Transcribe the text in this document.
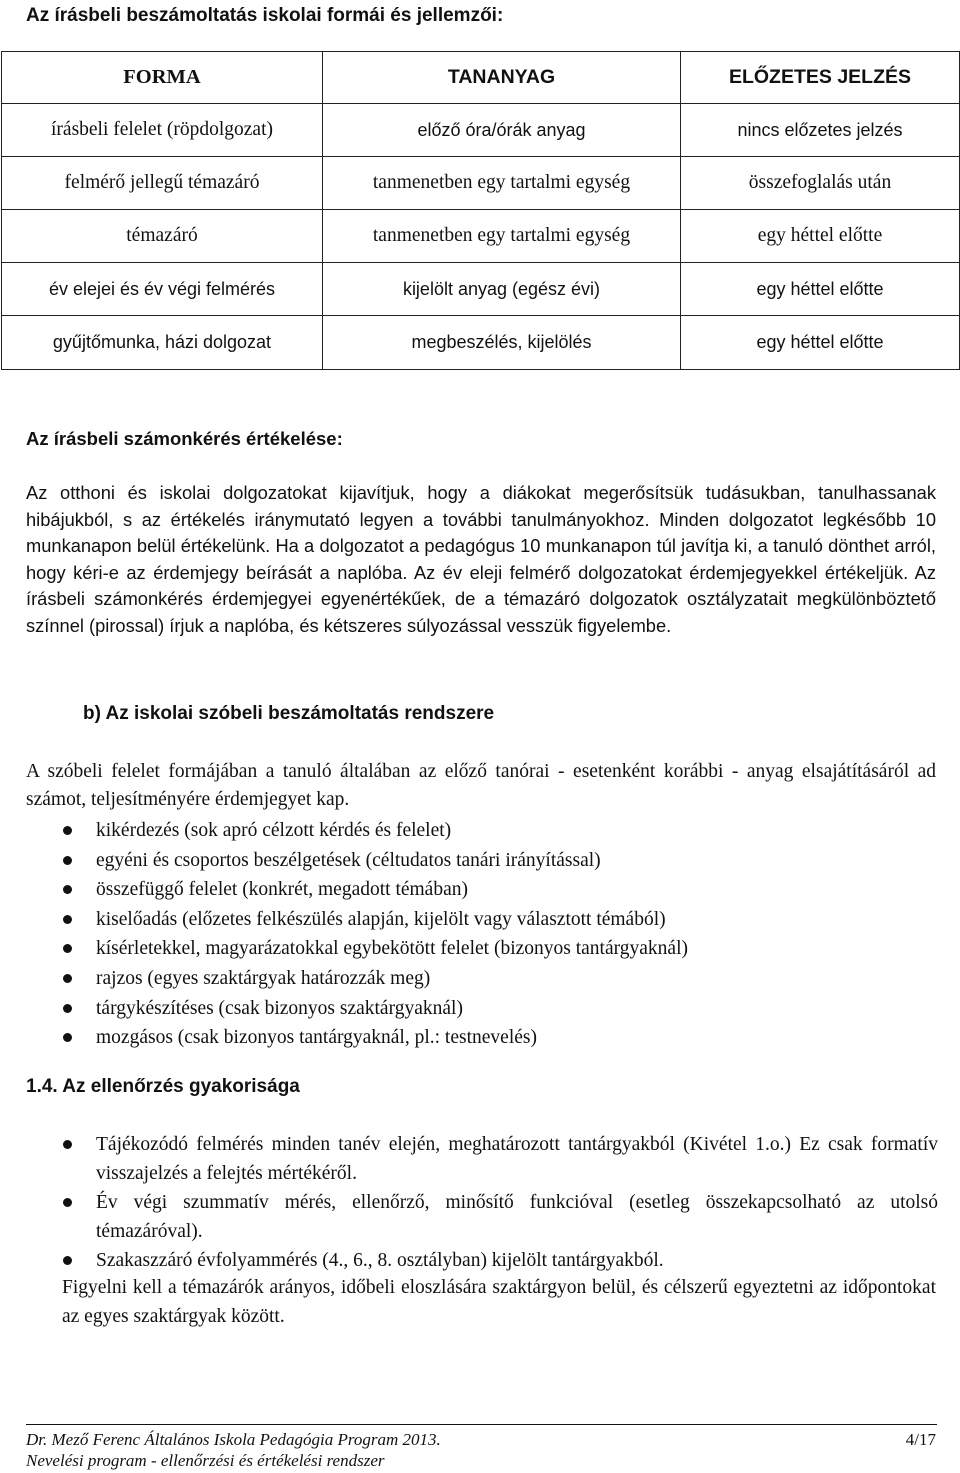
Az írásbeli beszámoltatás iskolai formái és jellemzői:
FORMA	TANANYAG	ELŐZETES JELZÉS
írásbeli felelet (röpdolgozat)	előző óra/órák anyag	nincs előzetes jelzés
felmérő jellegű témazáró	tanmenetben egy tartalmi egység	összefoglalás után
témazáró	tanmenetben egy tartalmi egység	egy héttel előtte
év elejei és év végi felmérés	kijelölt anyag (egész évi)	egy héttel előtte
gyűjtőmunka, házi dolgozat	megbeszélés, kijelölés	egy héttel előtte
Az írásbeli számonkérés értékelése:

Az otthoni és iskolai dolgozatokat kijavítjuk, hogy a diákokat megerősítsük tudásukban, tanulhassanak hibájukból, s az értékelés iránymutató legyen a további tanulmányokhoz. Minden dolgozatot legkésőbb 10 munkanapon belül értékelünk. Ha a dolgozatot a pedagógus 10 munkanapon túl javítja ki, a tanuló dönthet arról, hogy kéri-e az érdemjegy beírását a naplóba. Az év eleji felmérő dolgozatokat érdemjegyekkel értékeljük. Az írásbeli számonkérés érdemjegyei egyenértékűek, de a témazáró dolgozatok osztályzatait megkülönböztető színnel (pirossal) írjuk a naplóba, és kétszeres súlyozással vesszük figyelembe.

b) Az iskolai szóbeli beszámoltatás rendszere

A szóbeli felelet formájában a tanuló általában az előző tanórai - esetenként korábbi - anyag elsajátításáról ad számot, teljesítményére érdemjegyet kap.

kikérdezés (sok apró célzott kérdés és felelet)
egyéni és csoportos beszélgetések (céltudatos tanári irányítással)
összefüggő felelet (konkrét, megadott témában)
kiselőadás (előzetes felkészülés alapján, kijelölt vagy választott témából)
kísérletekkel, magyarázatokkal egybekötött felelet (bizonyos tantárgyaknál)
rajzos (egyes szaktárgyak határozzák meg)
tárgykészítéses (csak bizonyos szaktárgyaknál)
mozgásos (csak bizonyos tantárgyaknál, pl.: testnevelés)
1.4. Az ellenőrzés gyakorisága
Tájékozódó felmérés minden tanév elején, meghatározott tantárgyakból (Kivétel 1.o.) Ez csak formatív visszajelzés a felejtés mértékéről.
Év végi szummatív mérés, ellenőrző, minősítő funkcióval (esetleg összekapcsolható az utolsó témazáróval).
Szakaszzáró évfolyammérés (4., 6., 8. osztályban) kijelölt tantárgyakból.

Figyelni kell a témazárók arányos, időbeli eloszlására szaktárgyon belül, és célszerű egyeztetni az időpontokat az egyes szaktárgyak között.

Dr. Mező Ferenc Általános Iskola Pedagógia Program 2013.
Nevelési program - ellenőrzési és értékelési rendszer

4/17
